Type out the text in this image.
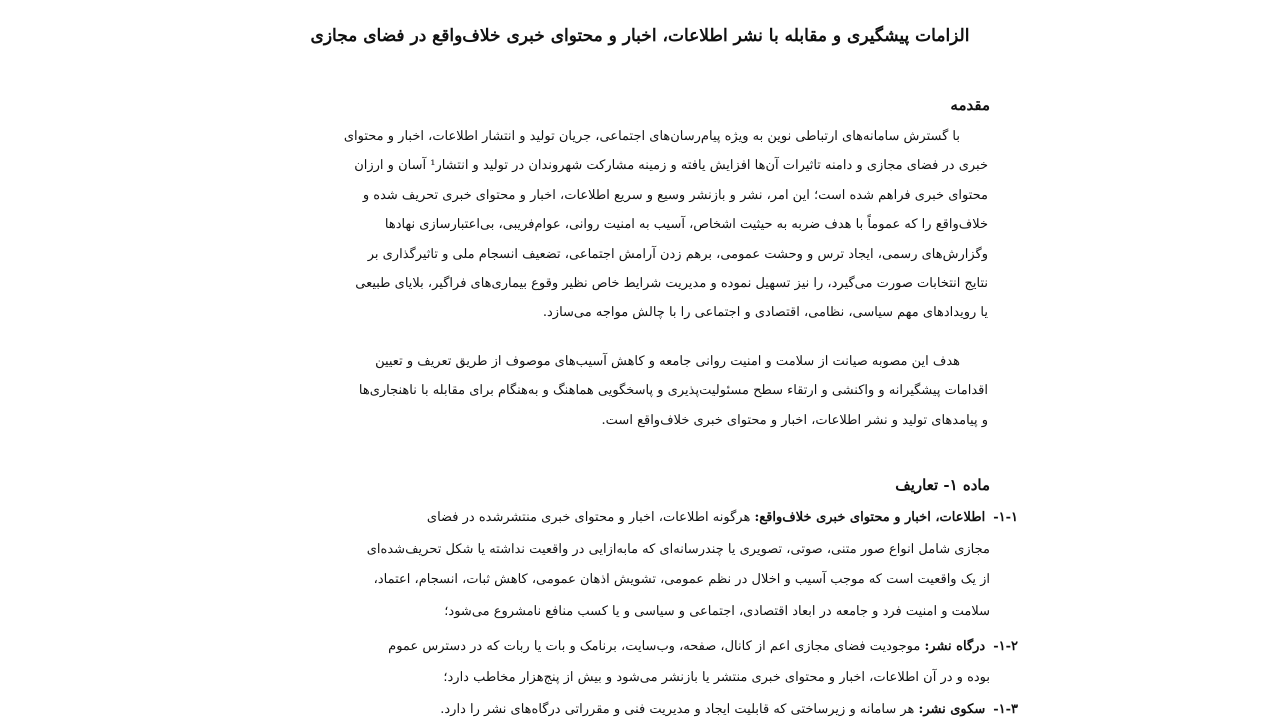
الزامات پیشگیری و مقابله با نشر اطلاعات، اخبار و محتوای خبری خلاف‌واقع در فضای مجازی
مقدمه

با گسترش سامانه‌های ارتباطی نوین به ویژه پیام‌رسان‌های اجتماعی، جریان تولید و انتشار اطلاعات، اخبار و محتوای
خبری در فضای مجازی و دامنه تاثیرات آن‌ها افزایش یافته و زمینه مشارکت شهروندان در تولید و انتشار¹ آسان و ارزان
محتوای خبری فراهم شده است؛ این امر، نشر و بازنشر وسیع و سریع اطلاعات، اخبار و محتوای خبری تحریف شده و
خلاف‌واقع را که عموماً با هدف ضربه به حیثیت اشخاص، آسیب به امنیت روانی، عوام‌فریبی، بی‌اعتبارسازی نهادها
وگزارش‌های رسمی، ایجاد ترس و وحشت عمومی، برهم زدن آرامش اجتماعی، تضعیف انسجام ملی و تاثیرگذاری بر
نتایج انتخابات صورت می‌گیرد، را نیز تسهیل نموده و مدیریت شرایط خاص نظیر وقوع بیماری‌های فراگیر، بلایای طبیعی
یا رویدادهای مهم سیاسی، نظامی، اقتصادی و اجتماعی را با چالش مواجه می‌سازد.

هدف این مصوبه صیانت از سلامت و امنیت روانی جامعه و کاهش آسیب‌های موصوف از طریق تعریف و تعیین
اقدامات پیشگیرانه و واکنشی و ارتقاء سطح مسئولیت‌پذیری و پاسخگویی هماهنگ و به‌هنگام برای مقابله با ناهنجاری‌ها
و پیامدهای تولید و نشر اطلاعات، اخبار و محتوای خبری خلاف‌واقع است.

ماده ۱- تعاریف

۱-۱-اطلاعات، اخبار و محتوای خبری خلاف‌واقع: هرگونه اطلاعات، اخبار و محتوای خبری منتشرشده در فضای

مجازی شامل انواع صور متنی، صوتی، تصویری یا چندرسانه‌ای که مابه‌ازایی در واقعیت نداشته یا شکل تحریف‌شده‌ای

از یک واقعیت است که موجب آسیب و اخلال در نظم عمومی، تشویش اذهان عمومی، کاهش ثبات، انسجام، اعتماد،

سلامت و امنیت فرد و جامعه در ابعاد اقتصادی، اجتماعی و سیاسی و یا کسب منافع نامشروع می‌شود؛

۱-۲-درگاه نشر: موجودیت فضای مجازی اعم از کانال، صفحه، وب‌سایت، برنامک و بات یا ربات که در دسترس عموم

بوده و در آن اطلاعات، اخبار و محتوای خبری منتشر یا بازنشر می‌شود و بیش از پنج‌هزار مخاطب دارد؛

۱-۳-سکوی نشر: هر سامانه و زیرساختی که قابلیت ایجاد و مدیریت فنی و مقرراتی درگاه‌های نشر را دارد.
